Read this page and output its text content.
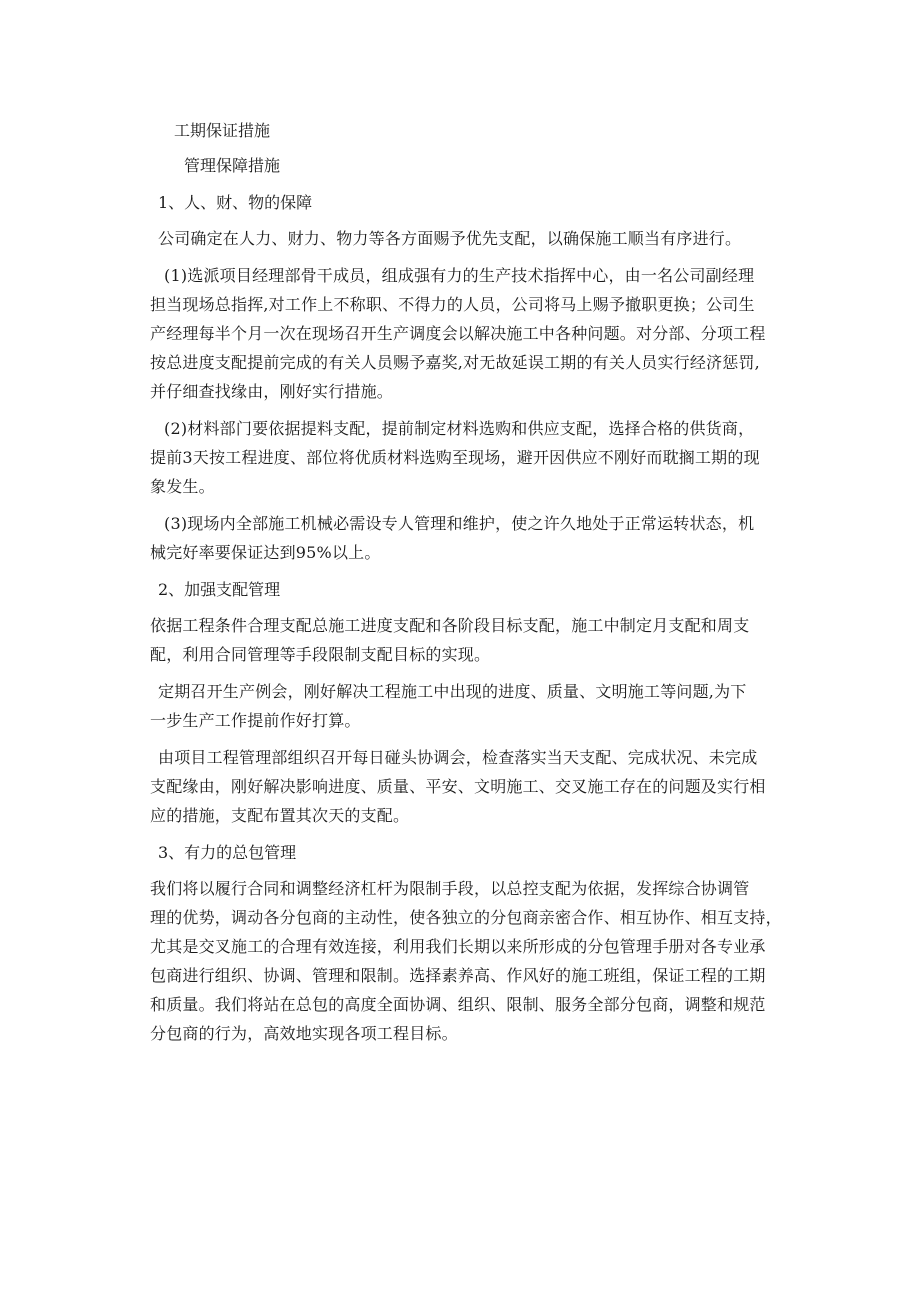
工期保证措施
管理保障措施
1、人、财、物的保障
公司确定在人力、财力、物力等各方面赐予优先支配，以确保施工顺当有序进行。
(1)选派项目经理部骨干成员，组成强有力的生产技术指挥中心，由一名公司副经理
担当现场总指挥,对工作上不称职、不得力的人员，公司将马上赐予撤职更换；公司生
产经理每半个月一次在现场召开生产调度会以解决施工中各种问题。对分部、分项工程
按总进度支配提前完成的有关人员赐予嘉奖,对无故延误工期的有关人员实行经济惩罚,
并仔细查找缘由，刚好实行措施。
(2)材料部门要依据提料支配，提前制定材料选购和供应支配，选择合格的供货商，
提前3天按工程进度、部位将优质材料选购至现场，避开因供应不刚好而耽搁工期的现
象发生。
(3)现场内全部施工机械必需设专人管理和维护，使之许久地处于正常运转状态，机
械完好率要保证达到95%以上。
2、加强支配管理
依据工程条件合理支配总施工进度支配和各阶段目标支配，施工中制定月支配和周支
配，利用合同管理等手段限制支配目标的实现。
定期召开生产例会，刚好解决工程施工中出现的进度、质量、文明施工等问题,为下
一步生产工作提前作好打算。
由项目工程管理部组织召开每日碰头协调会，检查落实当天支配、完成状况、未完成
支配缘由，刚好解决影响进度、质量、平安、文明施工、交叉施工存在的问题及实行相
应的措施，支配布置其次天的支配。
3、有力的总包管理
我们将以履行合同和调整经济杠杆为限制手段，以总控支配为依据，发挥综合协调管
理的优势，调动各分包商的主动性，使各独立的分包商亲密合作、相互协作、相互支持，
尤其是交叉施工的合理有效连接，利用我们长期以来所形成的分包管理手册对各专业承
包商进行组织、协调、管理和限制。选择素养高、作风好的施工班组，保证工程的工期
和质量。我们将站在总包的高度全面协调、组织、限制、服务全部分包商，调整和规范
分包商的行为，高效地实现各项工程目标。
